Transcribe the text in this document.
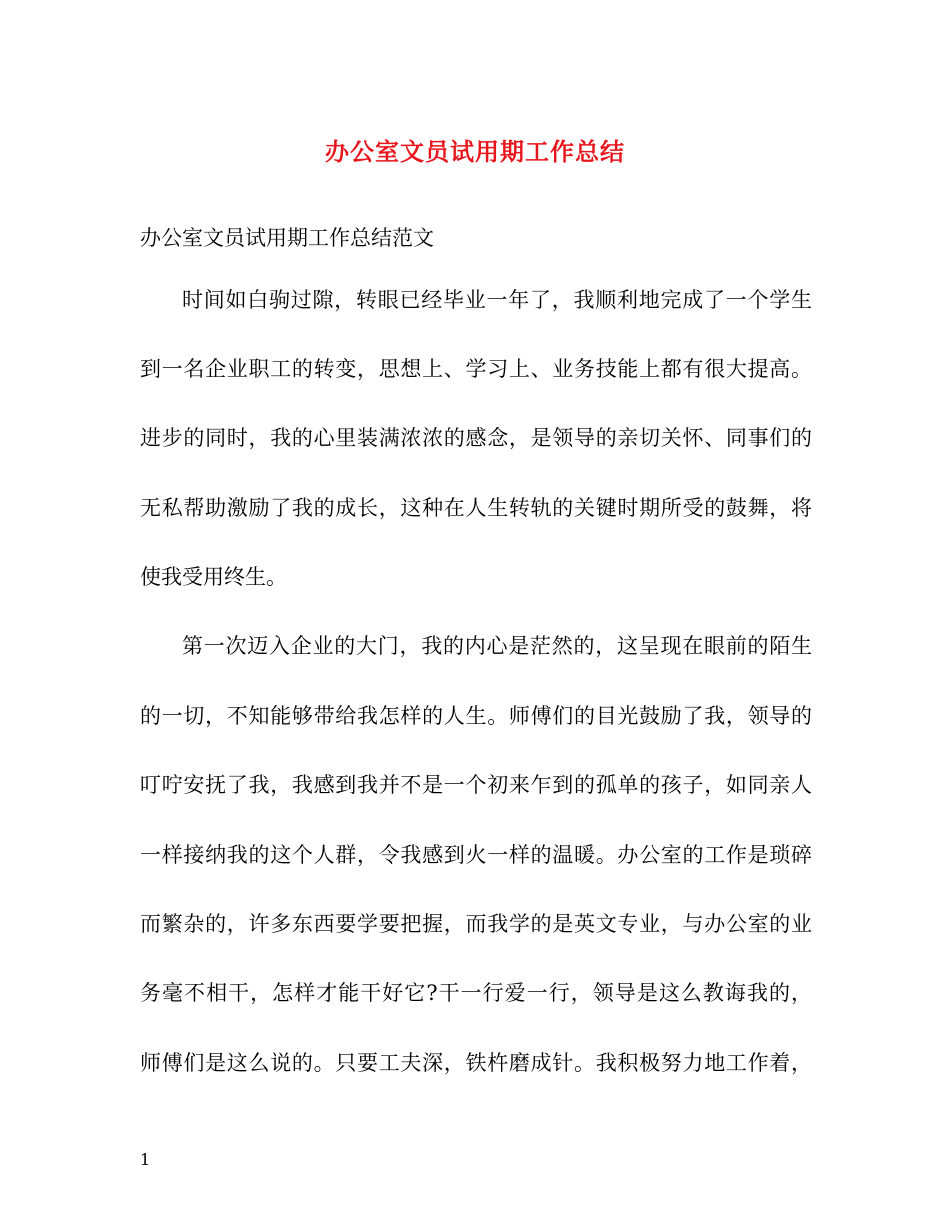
办公室文员试用期工作总结
办公室文员试用期工作总结范文
时间如白驹过隙，转眼已经毕业一年了，我顺利地完成了一个学生
到一名企业职工的转变，思想上、学习上、业务技能上都有很大提高。
进步的同时，我的心里装满浓浓的感念，是领导的亲切关怀、同事们的
无私帮助激励了我的成长，这种在人生转轨的关键时期所受的鼓舞，将
使我受用终生。
第一次迈入企业的大门，我的内心是茫然的，这呈现在眼前的陌生
的一切，不知能够带给我怎样的人生。师傅们的目光鼓励了我，领导的
叮咛安抚了我，我感到我并不是一个初来乍到的孤单的孩子，如同亲人
一样接纳我的这个人群，令我感到火一样的温暖。办公室的工作是琐碎
而繁杂的，许多东西要学要把握，而我学的是英文专业，与办公室的业
务毫不相干，怎样才能干好它?干一行爱一行，领导是这么教诲我的，
师傅们是这么说的。只要工夫深，铁杵磨成针。我积极努力地工作着，
1
